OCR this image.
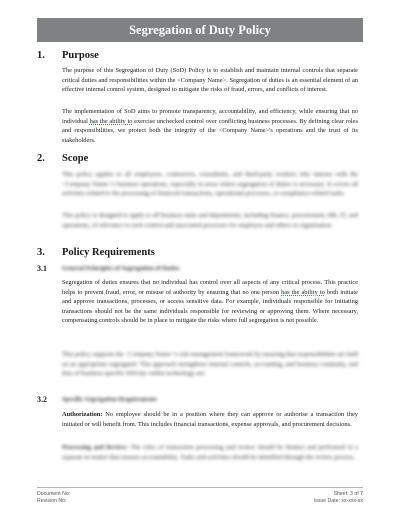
Segregation of Duty Policy
1. Purpose
The purpose of this Segregation of Duty (SoD) Policy is to establish and maintain internal controls that separate critical duties and responsibilities within the <Company Name>. Segregation of duties is an essential element of an effective internal control system, designed to mitigate the risks of fraud, errors, and conflicts of interest.
The implementation of SoD aims to promote transparency, accountability, and efficiency, while ensuring that no individual has the ability to exercise unchecked control over conflicting business processes. By defining clear roles and responsibilities, we protect both the integrity of the <Company Name>'s operations and the trust of its stakeholders.
2. Scope
This policy applies to all employees, contractors, consultants, and third-party workers who interact with the <Company Name>'s business operations, especially in areas where segregation of duties is necessary. It covers all activities related to the processing of financial transactions, operational processes, or compliance-related tasks.
This policy is designed to apply to all business units and departments, including finance, procurement, HR, IT, and operations, of relevance to such control and associated processes for employee and others in organization.
3. Policy Requirements
3.1 General Principles of Segregation of Duties
Segregation of duties ensures that no individual has control over all aspects of any critical process. This practice helps to prevent fraud, error, or misuse of authority by ensuring that no one person has the ability to both initiate and approve transactions, processes, or access sensitive data. For example, individuals responsible for initiating transactions should not be the same individuals responsible for reviewing or approving them. Where necessary, compensating controls should be in place to mitigate the risks where full segregation is not possible.
This policy supports the <Company Name>'s risk management framework by ensuring that responsibilities are held on an appropriate segregated. This approach strengthens internal controls, accounting, and business continuity, and thus of business specific SDUnty within technology are.
3.2 Specific Segregation Requirements
Authorization: No employee should be in a position where they can approve or authorise a transaction they initiated or will benefit from. This includes financial transactions, expense approvals, and procurement decisions.
Processing and Review: The roles of transaction processing and review should be distinct and performed in a separate in-matter that ensures accountability. Tasks and activities should be identified through the review process.
Document No:
Revision No:
Sheet: 3 of 7
Issue Date: xx-xxx-xx
